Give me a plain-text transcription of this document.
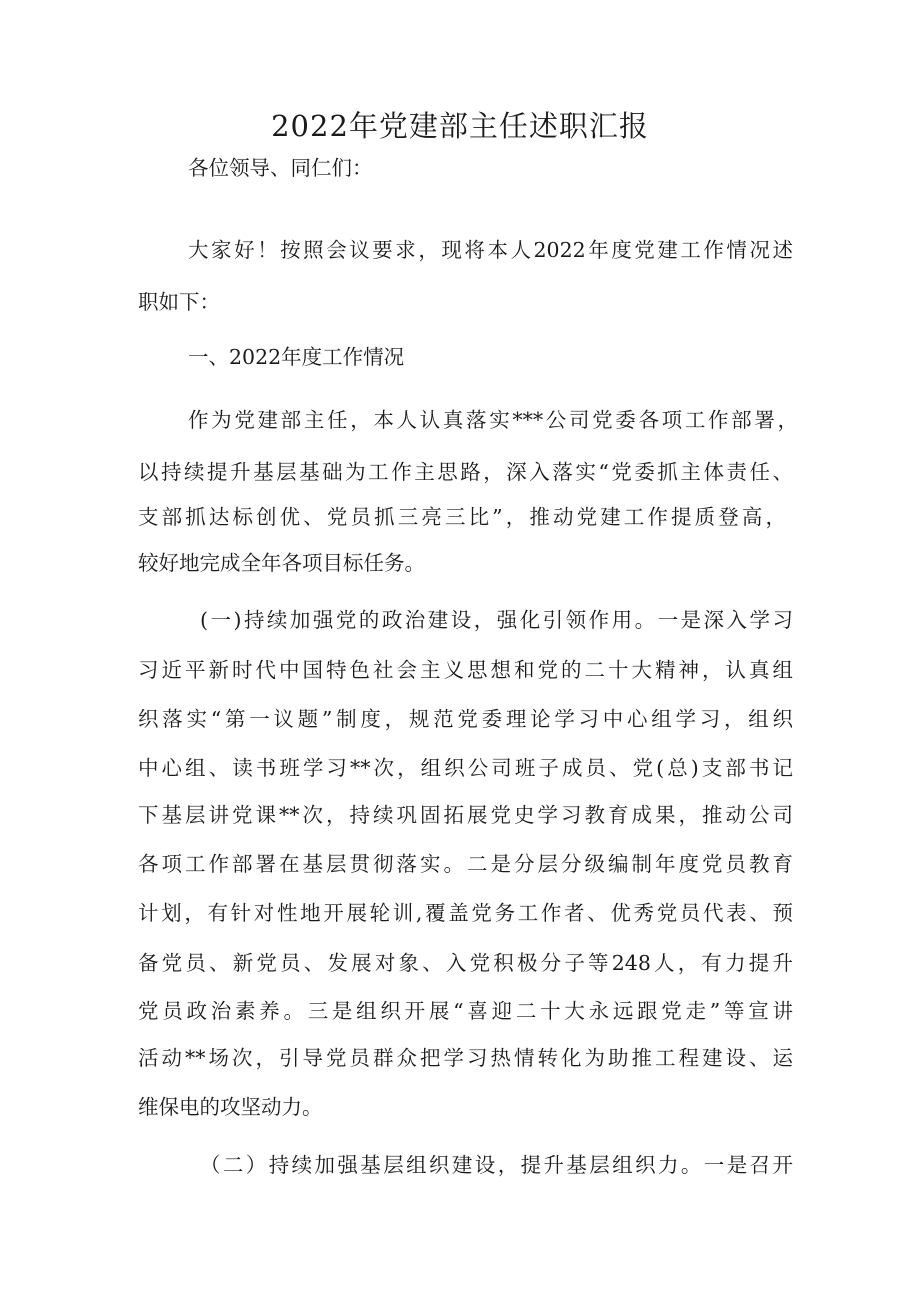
2022年党建部主任述职汇报
各位领导、同仁们：
大家好！按照会议要求，现将本人2022年度党建工作情况述
职如下：
一、2022年度工作情况
作为党建部主任，本人认真落实***公司党委各项工作部署，
以持续提升基层基础为工作主思路，深入落实“党委抓主体责任、
支部抓达标创优、党员抓三亮三比”，推动党建工作提质登高，
较好地完成全年各项目标任务。
(一)持续加强党的政治建设，强化引领作用。一是深入学习
习近平新时代中国特色社会主义思想和党的二十大精神，认真组
织落实“第一议题”制度，规范党委理论学习中心组学习，组织
中心组、读书班学习**次，组织公司班子成员、党(总)支部书记
下基层讲党课**次，持续巩固拓展党史学习教育成果，推动公司
各项工作部署在基层贯彻落实。二是分层分级编制年度党员教育
计划，有针对性地开展轮训,覆盖党务工作者、优秀党员代表、预
备党员、新党员、发展对象、入党积极分子等248人，有力提升
党员政治素养。三是组织开展“喜迎二十大永远跟党走”等宣讲
活动**场次，引导党员群众把学习热情转化为助推工程建设、运
维保电的攻坚动力。
（二）持续加强基层组织建设，提升基层组织力。一是召开
